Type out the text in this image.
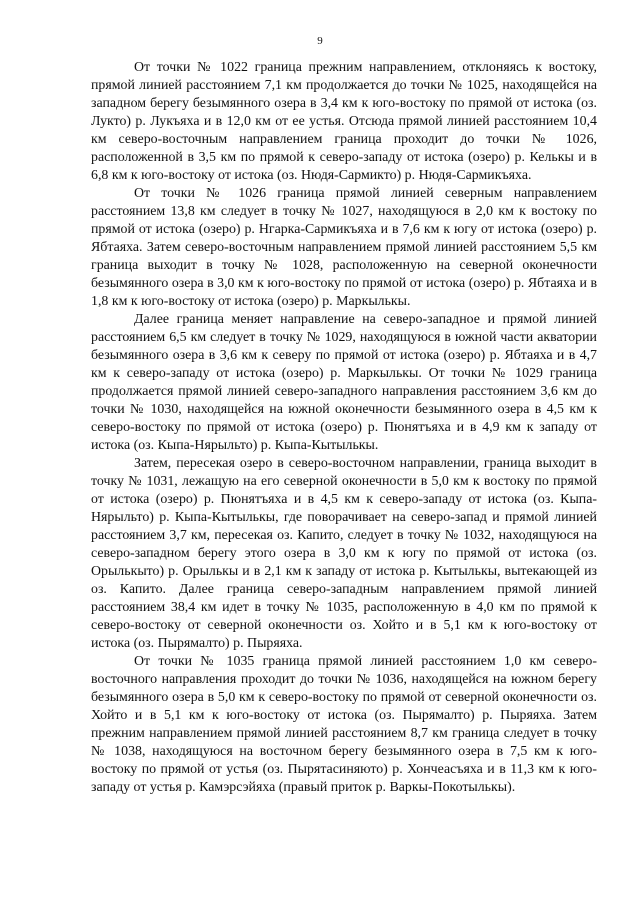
9

От точки № 1022 граница прежним направлением, отклоняясь к востоку, прямой линией расстоянием 7,1 км продолжается до точки № 1025, находящейся на западном берегу безымянного озера в 3,4 км к юго-востоку по прямой от истока (оз. Лукто) р. Лукъяха и в 12,0 км от ее устья. Отсюда прямой линией расстоянием 10,4 км северо-восточным направлением граница проходит до точки № 1026, расположенной в 3,5 км по прямой к северо-западу от истока (озеро) р. Келькы и в 6,8 км к юго-востоку от истока (оз. Нюдя-Сармикто) р. Нюдя-Сармикъяха.

От точки № 1026 граница прямой линией северным направлением расстоянием 13,8 км следует в точку № 1027, находящуюся в 2,0 км к востоку по прямой от истока (озеро) р. Нгарка-Сармикъяха и в 7,6 км к югу от истока (озеро) р. Ябтаяха. Затем северо-восточным направлением прямой линией расстоянием 5,5 км граница выходит в точку № 1028, расположенную на северной оконечности безымянного озера в 3,0 км к юго-востоку по прямой от истока (озеро) р. Ябтаяха и в 1,8 км к юго-востоку от истока (озеро) р. Маркылькы.

Далее граница меняет направление на северо-западное и прямой линией расстоянием 6,5 км следует в точку № 1029, находящуюся в южной части акватории безымянного озера в 3,6 км к северу по прямой от истока (озеро) р. Ябтаяха и в 4,7 км к северо-западу от истока (озеро) р. Маркылькы. От точки № 1029 граница продолжается прямой линией северо-западного направления расстоянием 3,6 км до точки № 1030, находящейся на южной оконечности безымянного озера в 4,5 км к северо-востоку по прямой от истока (озеро) р. Пюнятъяха и в 4,9 км к западу от истока (оз. Кыпа-Нярыльто) р. Кыпа-Кытылькы.

Затем, пересекая озеро в северо-восточном направлении, граница выходит в точку № 1031, лежащую на его северной оконечности в 5,0 км к востоку по прямой от истока (озеро) р. Пюнятъяха и в 4,5 км к северо-западу от истока (оз. Кыпа-Нярыльто) р. Кыпа-Кытылькы, где поворачивает на северо-запад и прямой линией расстоянием 3,7 км, пересекая оз. Капито, следует в точку № 1032, находящуюся на северо-западном берегу этого озера в 3,0 км к югу по прямой от истока (оз. Орылькыто) р. Орылькы и в 2,1 км к западу от истока р. Кытылькы, вытекающей из оз. Капито. Далее граница северо-западным направлением прямой линией расстоянием 38,4 км идет в точку № 1035, расположенную в 4,0 км по прямой к северо-востоку от северной оконечности оз. Хойто и в 5,1 км к юго-востоку от истока (оз. Пырямалто) р. Пыряяха.

От точки № 1035 граница прямой линией расстоянием 1,0 км северо-восточного направления проходит до точки № 1036, находящейся на южном берегу безымянного озера в 5,0 км к северо-востоку по прямой от северной оконечности оз. Хойто и в 5,1 км к юго-востоку от истока (оз. Пырямалто) р. Пыряяха. Затем прежним направлением прямой линией расстоянием 8,7 км граница следует в точку № 1038, находящуюся на восточном берегу безымянного озера в 7,5 км к юго-востоку по прямой от устья (оз. Пырятасиняюто) р. Хончеасъяха и в 11,3 км к юго-западу от устья р. Камэрсэйяха (правый приток р. Варкы-Покотылькы).
